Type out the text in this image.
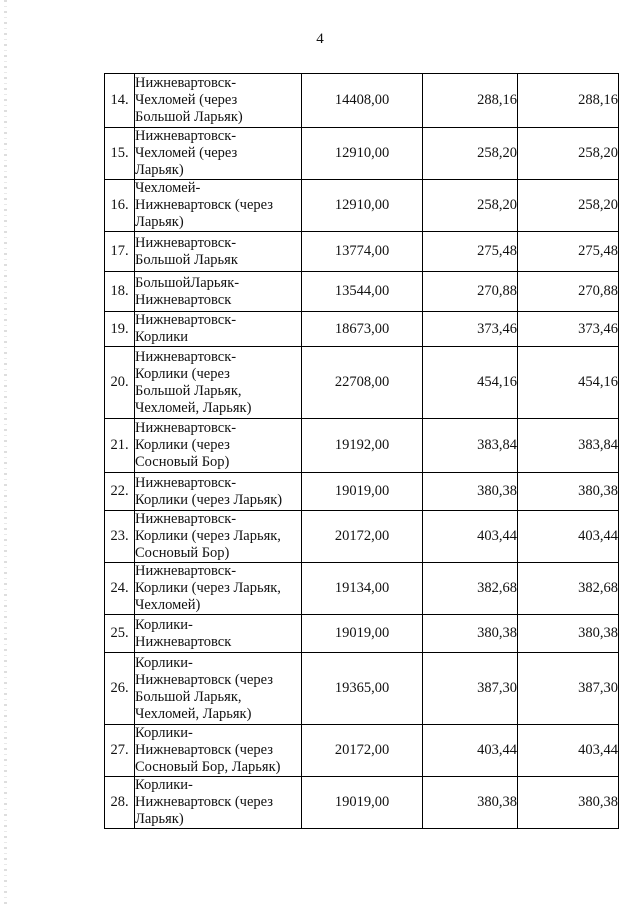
4
14.	Нижневартовск-
Чехломей (через
Большой Ларьяк)	14408,00	288,16	288,16
15.	Нижневартовск-
Чехломей (через
Ларьяк)	12910,00	258,20	258,20
16.	Чехломей-
Нижневартовск (через
Ларьяк)	12910,00	258,20	258,20
17.	Нижневартовск-
Большой Ларьяк	13774,00	275,48	275,48
18.	БольшойЛарьяк-
Нижневартовск	13544,00	270,88	270,88
19.	Нижневартовск-
Корлики	18673,00	373,46	373,46
20.	Нижневартовск-
Корлики (через
Большой Ларьяк,
Чехломей, Ларьяк)	22708,00	454,16	454,16
21.	Нижневартовск-
Корлики (через
Сосновый Бор)	19192,00	383,84	383,84
22.	Нижневартовск-
Корлики (через Ларьяк)	19019,00	380,38	380,38
23.	Нижневартовск-
Корлики (через Ларьяк,
Сосновый Бор)	20172,00	403,44	403,44
24.	Нижневартовск-
Корлики (через Ларьяк,
Чехломей)	19134,00	382,68	382,68
25.	Корлики-
Нижневартовск	19019,00	380,38	380,38
26.	Корлики-
Нижневартовск (через
Большой Ларьяк,
Чехломей, Ларьяк)	19365,00	387,30	387,30
27.	Корлики-
Нижневартовск (через
Сосновый Бор, Ларьяк)	20172,00	403,44	403,44
28.	Корлики-
Нижневартовск (через
Ларьяк)	19019,00	380,38	380,38
